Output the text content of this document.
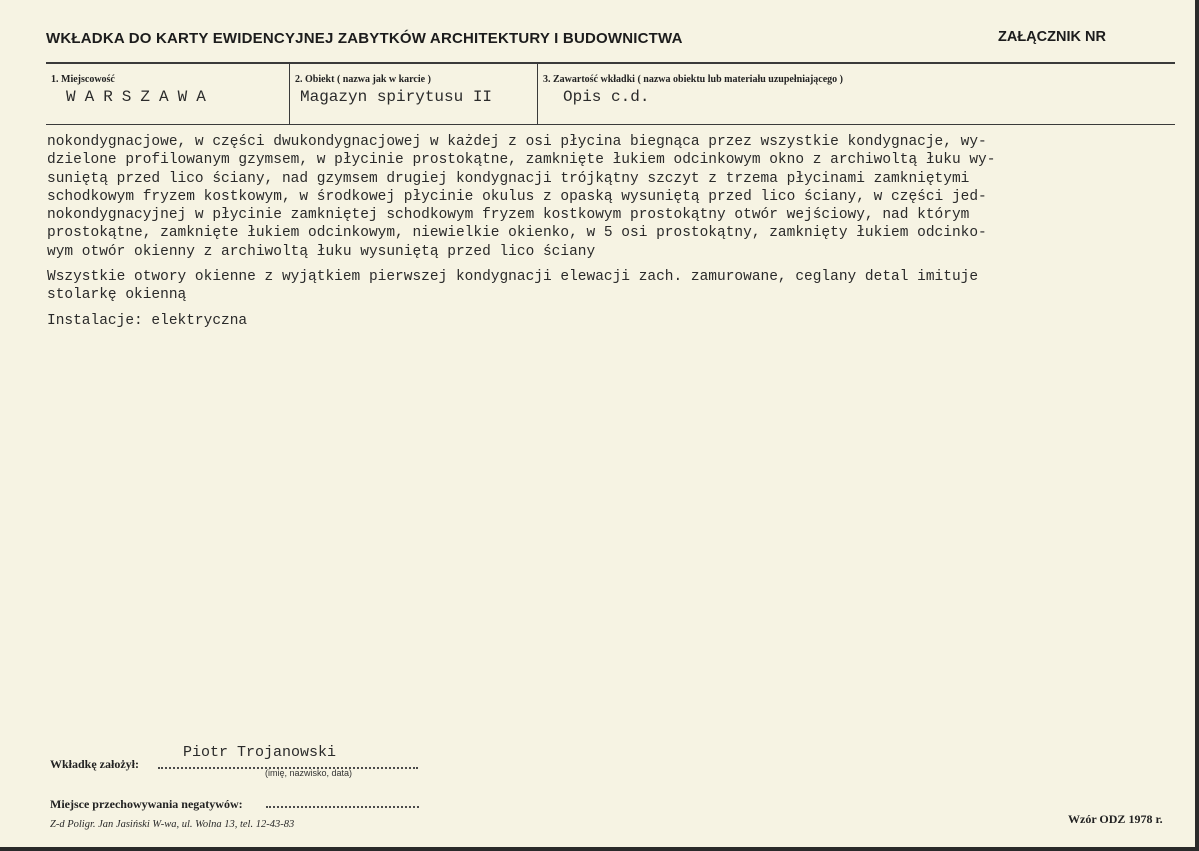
WKŁADKA DO KARTY EWIDENCYJNEJ ZABYTKÓW ARCHITEKTURY I BUDOWNICTWA	ZAŁĄCZNIK NR
1. Miejscowość
WARSZAWA
2. Obiekt ( nazwa jak w karcie )
Magazyn spirytusu II
3. Zawartość wkładki ( nazwa obiektu lub materiału uzupełniającego )
Opis c.d.

nokondygnacjowe, w części dwukondygnacjowej w każdej z osi płycina biegnąca przez wszystkie kondygnacje, wy-
dzielone profilowanym gzymsem, w płycinie prostokątne, zamknięte łukiem odcinkowym okno z archiwoltą łuku wy-
suniętą przed lico ściany, nad gzymsem drugiej kondygnacji trójkątny szczyt z trzema płycinami zamkniętymi
schodkowym fryzem kostkowym, w środkowej płycinie okulus z opaską wysuniętą przed lico ściany, w części jed-
nokondygnacyjnej w płycinie zamkniętej schodkowym fryzem kostkowym prostokątny otwór wejściowy, nad którym
prostokątne, zamknięte łukiem odcinkowym, niewielkie okienko, w 5 osi prostokątny, zamknięty łukiem odcinko-
wym otwór okienny z archiwoltą łuku wysuniętą przed lico ściany

Wszystkie otwory okienne z wyjątkiem pierwszej kondygnacji elewacji zach. zamurowane, ceglany detal imituje
stolarkę okienną

Instalacje: elektryczna

Piotr Trojanowski
Wkładkę założył:
(imię, nazwisko, data)
Miejsce przechowywania negatywów:
Z-d Poligr. Jan Jasiński W-wa, ul. Wolna 13, tel. 12-43-83	Wzór ODZ 1978 r.
